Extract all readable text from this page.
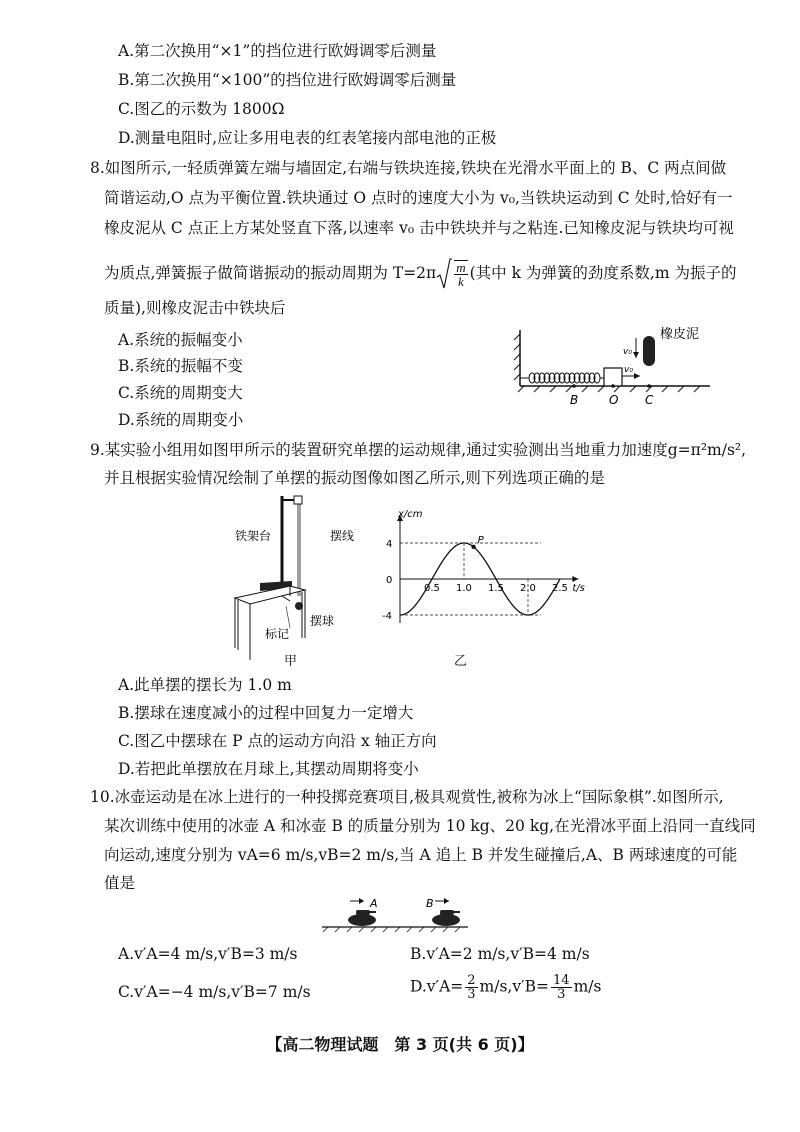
A.第二次换用“×1”的挡位进行欧姆调零后测量
B.第二次换用“×100”的挡位进行欧姆调零后测量
C.图乙的示数为 1800Ω
D.测量电阻时,应让多用电表的红表笔接内部电池的正极
8.如图所示,一轻质弹簧左端与墙固定,右端与铁块连接,铁块在光滑水平面上的 B、C 两点间做
简谐运动,O 点为平衡位置.铁块通过 O 点时的速度大小为 v₀,当铁块运动到 C 处时,恰好有一
橡皮泥从 C 点正上方某处竖直下落,以速率 v₀ 击中铁块并与之粘连.已知橡皮泥与铁块均可视
为质点,弹簧振子做简谐振动的振动周期为 $T=2\pi \frac{m}{k}$ (其中 k 为弹簧的劲度系数,m 为振子的
质量),则橡皮泥击中铁块后
A.系统的振幅变小
B.系统的振幅不变
C.系统的周期变大
D.系统的周期变小
v₀
v₀
橡皮泥
B	O C
9.某实验小组用如图甲所示的装置研究单摆的运动规律,通过实验测出当地重力加速度g=π²m/s²,
并且根据实验情况绘制了单摆的振动图像如图乙所示,则下列选项正确的是
铁架台	摆线
标记
摆球
甲
x/cm
t/s
4
0
-4
0.5 1.0 1.5 2.0 2.5
P
乙
A.此单摆的摆长为 1.0 m
B.摆球在速度减小的过程中回复力一定增大
C.图乙中摆球在 P 点的运动方向沿 x 轴正方向
D.若把此单摆放在月球上,其摆动周期将变小
10.冰壶运动是在冰上进行的一种投掷竞赛项目,极具观赏性,被称为冰上“国际象棋”.如图所示,
某次训练中使用的冰壶 A 和冰壶 B 的质量分别为 10 kg、20 kg,在光滑冰平面上沿同一直线同
向运动,速度分别为 vA=6 m/s,vB=2 m/s,当 A 追上 B 并发生碰撞后,A、B 两球速度的可能
值是
A	B
A.v′A=4 m/s,v′B=3 m/s	B.v′A=2 m/s,v′B=4 m/s
C.v′A=−4 m/s,v′B=7 m/s	$D.v'A= \frac{2}{3} m/s,v'B= \frac{14}{3} m/s$
【高二物理试题　第 3 页(共 6 页)】
